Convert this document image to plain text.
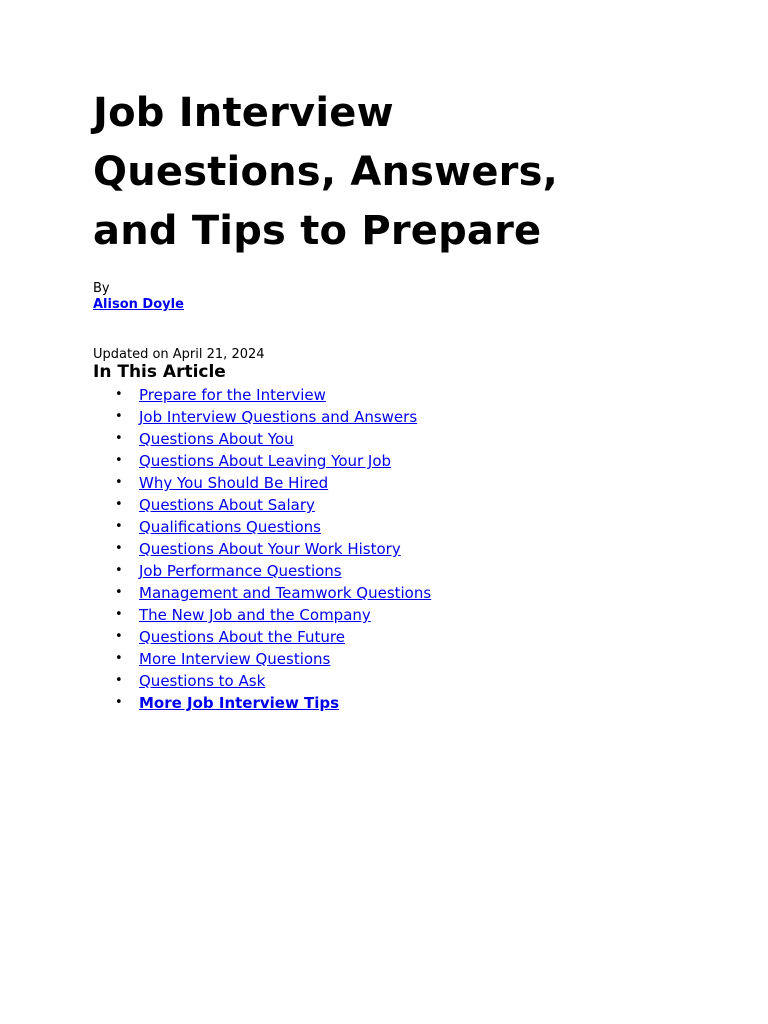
Job Interview
Questions, Answers,
and Tips to Prepare
By
Alison Doyle
Updated on April 21, 2024
In This Article
• Prepare for the Interview
• Job Interview Questions and Answers
• Questions About You
• Questions About Leaving Your Job
• Why You Should Be Hired
• Questions About Salary
• Qualifications Questions
• Questions About Your Work History
• Job Performance Questions
• Management and Teamwork Questions
• The New Job and the Company
• Questions About the Future
• More Interview Questions
• Questions to Ask
• More Job Interview Tips
